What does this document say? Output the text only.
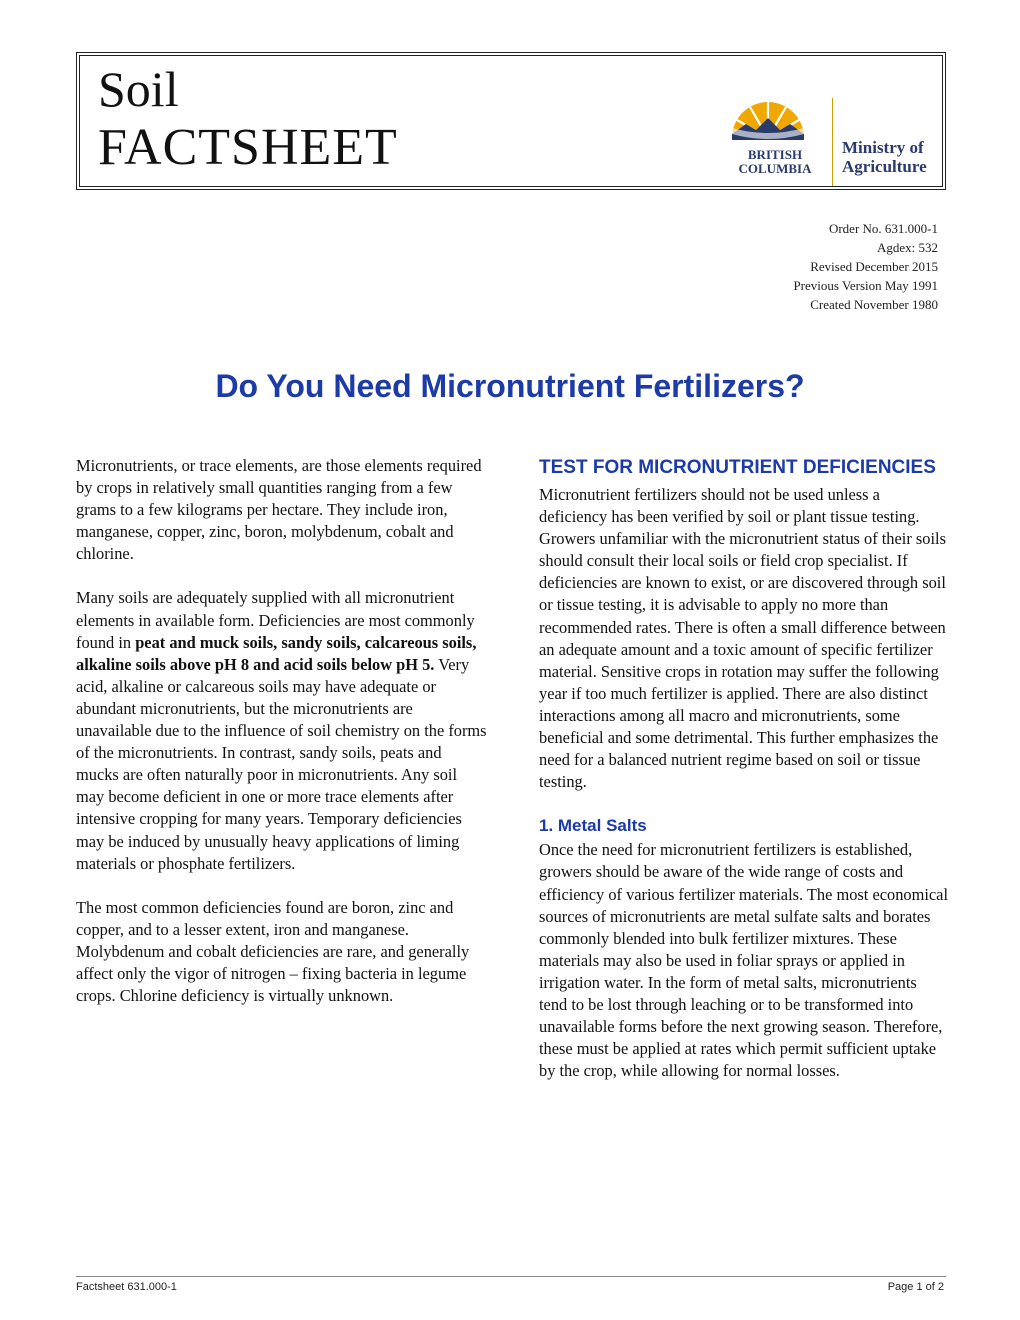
Soil
FACTSHEET	BRITISH COLUMBIA
Ministry of
Agriculture
Order No. 631.000-1
Agdex: 532
Revised December 2015
Previous Version May 1991
Created November 1980
Do You Need Micronutrient Fertilizers?

Micronutrients, or trace elements, are those elements required by crops in relatively small quantities ranging from a few grams to a few kilograms per hectare. They include iron, manganese, copper, zinc, boron, molybdenum, cobalt and chlorine.

Many soils are adequately supplied with all micronutrient elements in available form. Deficiencies are most commonly found in peat and muck soils, sandy soils, calcareous soils, alkaline soils above pH 8 and acid soils below pH 5. Very acid, alkaline or calcareous soils may have adequate or abundant micronutrients, but the micronutrients are unavailable due to the influence of soil chemistry on the forms of the micronutrients. In contrast, sandy soils, peats and mucks are often naturally poor in micronutrients. Any soil may become deficient in one or more trace elements after intensive cropping for many years. Temporary deficiencies may be induced by unusually heavy applications of liming materials or phosphate fertilizers.

The most common deficiencies found are boron, zinc and copper, and to a lesser extent, iron and manganese. Molybdenum and cobalt deficiencies are rare, and generally affect only the vigor of nitrogen – fixing bacteria in legume crops. Chlorine deficiency is virtually unknown.

TEST FOR MICRONUTRIENT DEFICIENCIES

Micronutrient fertilizers should not be used unless a deficiency has been verified by soil or plant tissue testing. Growers unfamiliar with the micronutrient status of their soils should consult their local soils or field crop specialist. If deficiencies are known to exist, or are discovered through soil or tissue testing, it is advisable to apply no more than recommended rates. There is often a small difference between an adequate amount and a toxic amount of specific fertilizer material. Sensitive crops in rotation may suffer the following year if too much fertilizer is applied. There are also distinct interactions among all macro and micronutrients, some beneficial and some detrimental. This further emphasizes the need for a balanced nutrient regime based on soil or tissue testing.

1. Metal Salts

Once the need for micronutrient fertilizers is established, growers should be aware of the wide range of costs and efficiency of various fertilizer materials. The most economical sources of micronutrients are metal sulfate salts and borates commonly blended into bulk fertilizer mixtures. These materials may also be used in foliar sprays or applied in irrigation water. In the form of metal salts, micronutrients tend to be lost through leaching or to be transformed into unavailable forms before the next growing season. Therefore, these must be applied at rates which permit sufficient uptake by the crop, while allowing for normal losses.

Factsheet 631.000-1	Page 1 of 2
